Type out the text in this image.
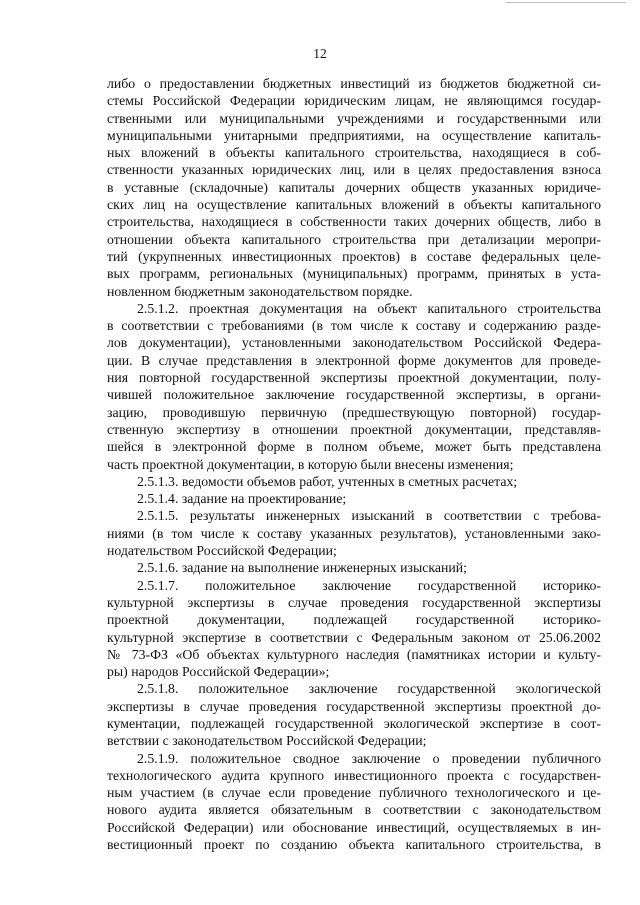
12
либо о предоставлении бюджетных инвестиций из бюджетов бюджетной си-
стемы Российской Федерации юридическим лицам, не являющимся государ-
ственными или муниципальными учреждениями и государственными или
муниципальными унитарными предприятиями, на осуществление капиталь-
ных вложений в объекты капитального строительства, находящиеся в соб-
ственности указанных юридических лиц, или в целях предоставления взноса
в уставные (складочные) капиталы дочерних обществ указанных юридиче-
ских лиц на осуществление капитальных вложений в объекты капитального
строительства, находящиеся в собственности таких дочерних обществ, либо в
отношении объекта капитального строительства при детализации меропри-
тий (укрупненных инвестиционных проектов) в составе федеральных целе-
вых программ, региональных (муниципальных) программ, принятых в уста-
новленном бюджетным законодательством порядке.
2.5.1.2. проектная документация на объект капитального строительства
в соответствии с требованиями (в том числе к составу и содержанию разде-
лов документации), установленными законодательством Российской Федера-
ции. В случае представления в электронной форме документов для проведе-
ния повторной государственной экспертизы проектной документации, полу-
чившей положительное заключение государственной экспертизы, в органи-
зацию, проводившую первичную (предшествующую повторной) государ-
ственную экспертизу в отношении проектной документации, представляв-
шейся в электронной форме в полном объеме, может быть представлена
часть проектной документации, в которую были внесены изменения;
2.5.1.3. ведомости объемов работ, учтенных в сметных расчетах;
2.5.1.4. задание на проектирование;
2.5.1.5. результаты инженерных изысканий в соответствии с требова-
ниями (в том числе к составу указанных результатов), установленными зако-
нодательством Российской Федерации;
2.5.1.6. задание на выполнение инженерных изысканий;
2.5.1.7. положительное заключение государственной историко-
культурной экспертизы в случае проведения государственной экспертизы
проектной документации, подлежащей государственной историко-
культурной экспертизе в соответствии с Федеральным законом от 25.06.2002
№ 73-ФЗ «Об объектах культурного наследия (памятниках истории и культу-
ры) народов Российской Федерации»;
2.5.1.8. положительное заключение государственной экологической
экспертизы в случае проведения государственной экспертизы проектной до-
кументации, подлежащей государственной экологической экспертизе в соот-
ветствии с законодательством Российской Федерации;
2.5.1.9. положительное сводное заключение о проведении публичного
технологического аудита крупного инвестиционного проекта с государствен-
ным участием (в случае если проведение публичного технологического и це-
нового аудита является обязательным в соответствии с законодательством
Российской Федерации) или обоснование инвестиций, осуществляемых в ин-
вестиционный проект по созданию объекта капитального строительства, в
